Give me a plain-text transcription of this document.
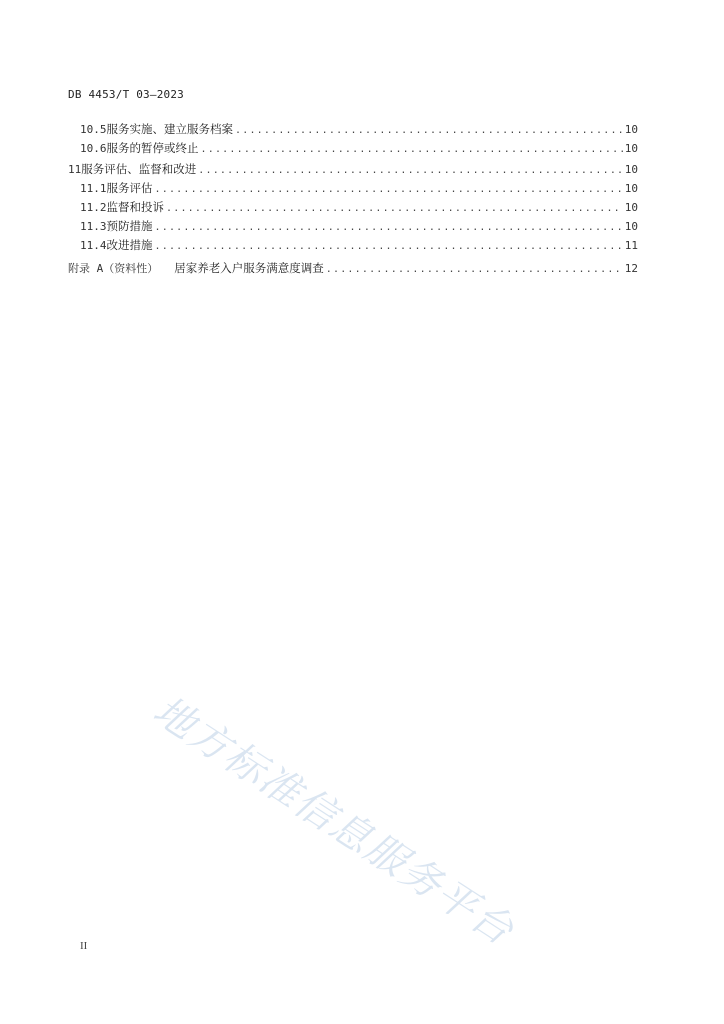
DB 4453/T 03—2023
10.5 服务实施、建立服务档案 .....	10
10.6 服务的暂停或终止 .....	10
11 服务评估、监督和改进 .....	10
11.1 服务评估 .....	10
11.2 监督和投诉 .....	10
11.3 预防措施 .....	10
11.4 改进措施 .....	11
附录 A（资料性） 居家养老入户服务满意度调查 .....	12
地方标准信息服务平台
II
